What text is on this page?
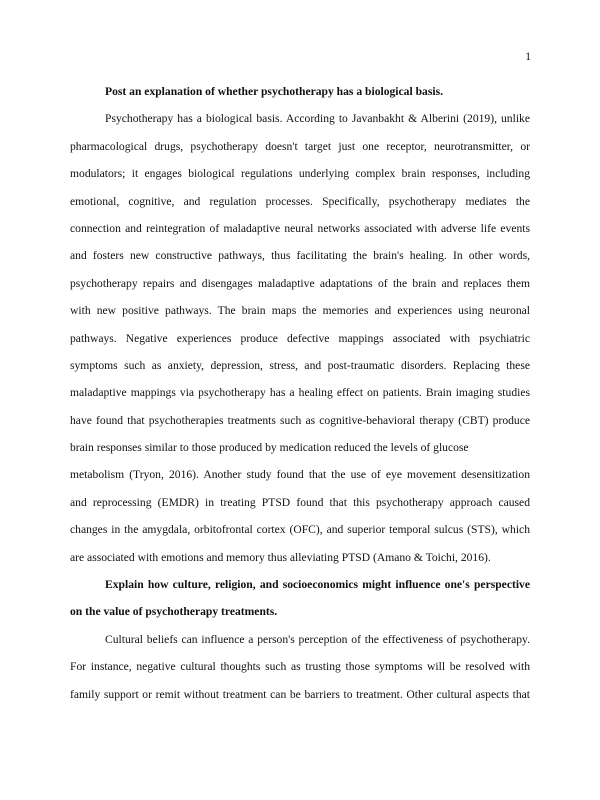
1
Post an explanation of whether psychotherapy has a biological basis.
Psychotherapy has a biological basis. According to Javanbakht & Alberini (2019), unlike
pharmacological drugs, psychotherapy doesn't target just one receptor, neurotransmitter, or
modulators; it engages biological regulations underlying complex brain responses, including
emotional, cognitive, and regulation processes. Specifically, psychotherapy mediates the
connection and reintegration of maladaptive neural networks associated with adverse life events
and fosters new constructive pathways, thus facilitating the brain's healing. In other words,
psychotherapy repairs and disengages maladaptive adaptations of the brain and replaces them
with new positive pathways. The brain maps the memories and experiences using neuronal
pathways. Negative experiences produce defective mappings associated with psychiatric
symptoms such as anxiety, depression, stress, and post-traumatic disorders. Replacing these
maladaptive mappings via psychotherapy has a healing effect on patients. Brain imaging studies
have found that psychotherapies treatments such as cognitive-behavioral therapy (CBT) produce
brain responses similar to those produced by medication reduced the levels of glucose
metabolism (Tryon, 2016). Another study found that the use of eye movement desensitization
and reprocessing (EMDR) in treating PTSD found that this psychotherapy approach caused
changes in the amygdala, orbitofrontal cortex (OFC), and superior temporal sulcus (STS), which
are associated with emotions and memory thus alleviating PTSD (Amano & Toichi, 2016).
Explain how culture, religion, and socioeconomics might influence one's perspective
on the value of psychotherapy treatments.
Cultural beliefs can influence a person's perception of the effectiveness of psychotherapy.
For instance, negative cultural thoughts such as trusting those symptoms will be resolved with
family support or remit without treatment can be barriers to treatment. Other cultural aspects that
